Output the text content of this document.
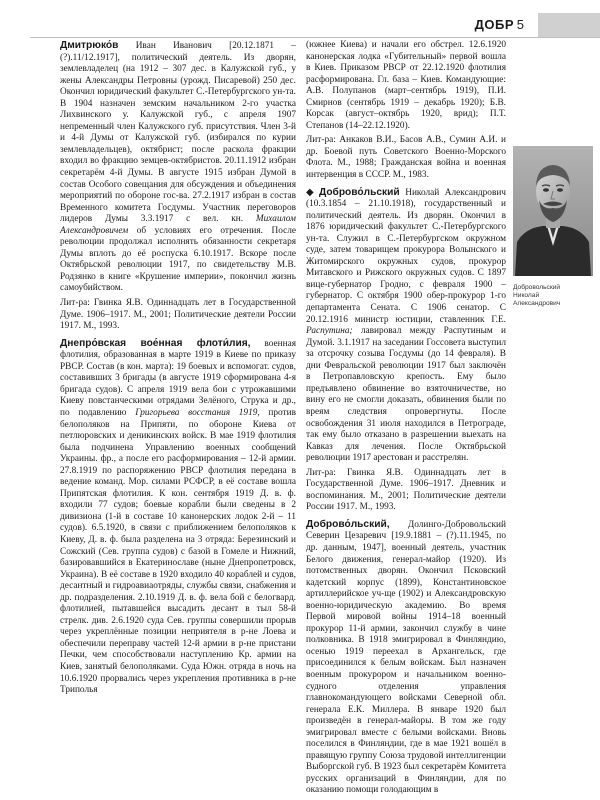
ДОБР 5

Дмитрюко́в Иван Иванович [20.12.1871 – (?).11/12.1917], политический деятель. Из дворян, землевладелец (на 1912 – 307 дес. в Калужской губ., у жены Александры Петровны (урожд. Писаревой) 250 дес. Окончил юридический факультет С.-Петербургского ун-та. В 1904 назначен земским начальником 2-го участка Лихвинского у. Калужской губ., с апреля 1907 непременный член Калужского губ. присутствия. Член 3-й и 4-й Думы от Калужской губ. (избирался по курии землевладельцев), октябрист; после раскола фракции входил во фракцию земцев-октябристов. 20.11.1912 избран секретарём 4-й Думы. В августе 1915 избран Думой в состав Особого совещания для обсуждения и объединения мероприятий по обороне гос-ва. 27.2.1917 избран в состав Временного комитета Госдумы. Участник переговоров лидеров Думы 3.3.1917 с вел. кн. Михаилом Александровичем об условиях его отречения. После революции продолжал исполнять обязанности секретаря Думы вплоть до её роспуска 6.10.1917. Вскоре после Октябрьской революции 1917, по свидетельству М.В. Родзянко в книге «Крушение империи», покончил жизнь самоубийством.

Лит-ра: Гвинка Я.В. Одиннадцать лет в Государственной Думе. 1906–1917. М., 2001; Политические деятели России 1917. М., 1993.

Днепро́вская вое́нная флоти́лия, военная флотилия, образованная в марте 1919 в Киеве по приказу РВСР. Состав (в кон. марта): 19 боевых и вспомогат. судов, составивших 3 бригады (в августе 1919 сформирована 4-я бригада судов). С апреля 1919 вела бои с утрожавшими Киеву повстанческими отрядами Зелёного, Струка и др., по подавлению Григорьева восстания 1919, против белополяков на Припяти, по обороне Киева от петлюровских и деникинских войск. В мае 1919 флотилия была подчинена Управлению военных сообщений Украины. фр., а после его расформирования – 12-й армии. 27.8.1919 по распоряжению РВСР флотилия передана в ведение команд. Мор. силами РСФСР, в её составе вошла Припятская флотилия. К кон. сентября 1919 Д. в. ф. входили 77 судов; боевые корабли были сведены в 2 дивизиона (1-й в составе 10 канонерских лодок 2-й – 11 судов). 6.5.1920, в связи с приближением белополяков к Киеву, Д. в. ф. была разделена на 3 отряда: Березинский и Сожский (Сев. группа судов) с базой в Гомеле и Нижний, базировавшийся в Екатеринославе (ныне Днепропетровск, Украина). В её составе в 1920 входило 40 кораблей и судов, десантный и гидроавиаотряды, службы связи, снабжения и др. подразделения. 2.10.1919 Д. в. ф. вела бой с белогвард. флотилией, пытавшейся высадить десант в тыл 58-й стрелк. див. 2.6.1920 суда Сев. группы совершили прорыв через укреплённые позиции неприятеля в р-не Лоева и обеспечили переправу частей 12-й армии в р-не пристани Печки, чем способствовали наступлению Кр. армии на Киев, занятый белополяками. Суда Южн. отряда в ночь на 10.6.1920 прорвались через укрепления противника в р-не Триполья

(южнее Киева) и начали его обстрел. 12.6.1920 канонерская лодка «Губительный» первой вошла в Киев. Приказом РВСР от 22.12.1920 флотилия расформирована. Гл. база – Киев. Командующие: А.В. Полупанов (март–сентябрь 1919), П.И. Смирнов (сентябрь 1919 – декабрь 1920); Б.В. Корсак (август–октябрь 1920, врид); П.Т. Степанов (14–22.12.1920).

Лит-ра: Анкаков В.И., Басов А.В., Сумин А.И. и др. Боевой путь Советского Военно-Морского Флота. М., 1988; Гражданская война и военная интервенция в СССР. М., 1983.

◆ Доброво́льский Николай Александрович (10.3.1854 – 21.10.1918), государственный и политический деятель. Из дворян. Окончил в 1876 юридический факультет С.-Петербургского ун-та. Служил в С.-Петербургском окружном суде, затем товарищем прокурора Волынского и Житомирского окружных судов, прокурор Митавского и Рижского окружных судов. С 1897 вице-губернатор Гродно, с февраля 1900 – губернатор. С октября 1900 обер-прокурор 1-го департамента Сената. С 1906 сенатор. С 20.12.1916 министр юстиции, ставленник Г.Е. Распутина; лавировал между Распутиным и Думой. 3.1.1917 на заседании Госсовета выступил за отсрочку созыва Госдумы (до 14 февраля). В дни Февральской революции 1917 был заключён в Петропавловскую крепость. Ему было предъявлено обвинение во взяточничестве, но вину его не смогли доказать, обвинения были по вреям следствия опровергнуты. После освобождения 31 июля находился в Петрограде, так ему было отказано в разрешении выехать на Кавказ для лечения. После Октябрьской революции 1917 арестован и расстрелян.

Лит-ра: Гвинка Я.В. Одиннадцать лет в Государственной Думе. 1906–1917. Дневник и воспоминания. М., 2001; Политические деятели России 1917. М., 1993.

Доброво́льский, Долинго-Добровольский Северин Цезаревич [19.9.1881 – (?).11.1945, по др. данным, 1947], военный деятель, участник Белого движения, генерал-майор (1920). Из потомственных дворян. Окончил Псковский кадетский корпус (1899), Константиновское артиллерийское уч-ще (1902) и Александровскую военно-юридическую академию. Во время Первой мировой войны 1914–18 военный прокурор 11-й армии, закончил службу в чине полковника. В 1918 эмигрировал в Финляндию, осенью 1919 переехал в Архангельск, где присоединился к белым войскам. Был назначен военным прокурором и начальником военно-судного отделения управления главнокомандующего войсками Северной обл. генерала Е.К. Миллера. В январе 1920 был произведён в генерал-майоры. В том же году эмигрировал вместе с белыми войсками. Вновь поселился в Финляндии, где в мае 1921 вошёл в правящую группу Союза трудовой интеллигенции Выборгской губ. В 1923 был секретарём Комитета русских организаций в Финляндии, для по оказанию помощи голодающим в

Добровольский
Николай
Александрович
